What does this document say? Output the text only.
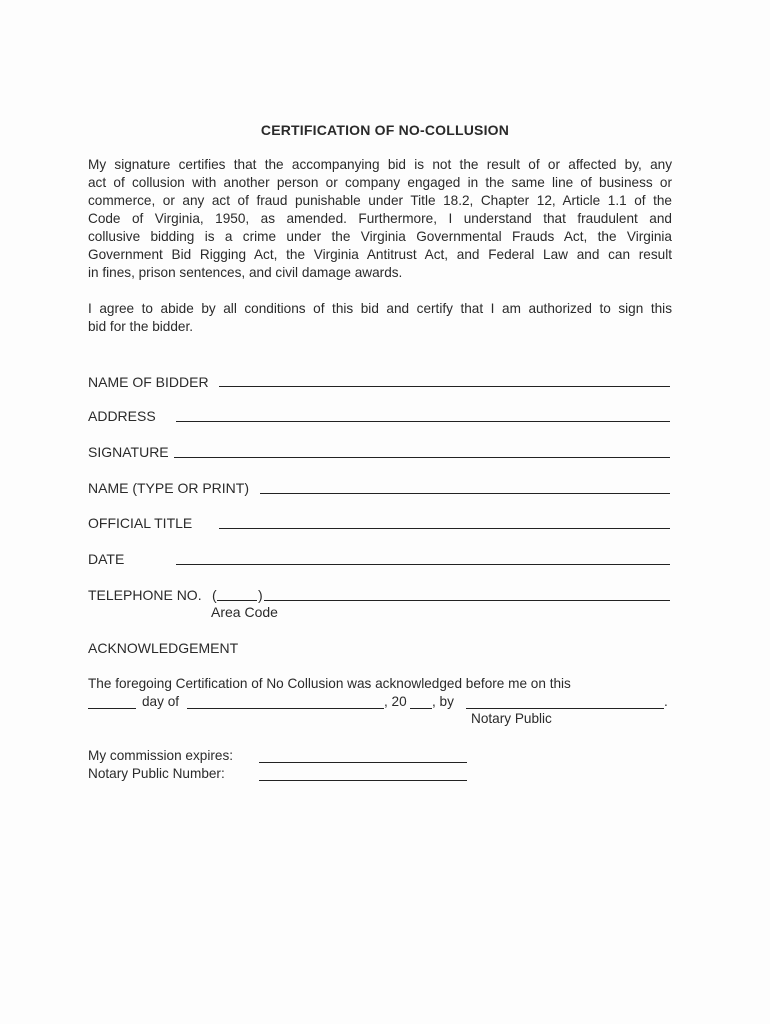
CERTIFICATION OF NO-COLLUSION

My signature certifies that the accompanying bid is not the result of or affected by, any
act of collusion with another person or company engaged in the same line of business or
commerce, or any act of fraud punishable under Title 18.2, Chapter 12, Article 1.1 of the
Code of Virginia, 1950, as amended. Furthermore, I understand that fraudulent and
collusive bidding is a crime under the Virginia Governmental Frauds Act, the Virginia
Government Bid Rigging Act, the Virginia Antitrust Act, and Federal Law and can result
in fines, prison sentences, and civil damage awards.

I agree to abide by all conditions of this bid and certify that I am authorized to sign this
bid for the bidder.

NAME OF BIDDER
ADDRESS
SIGNATURE
NAME (TYPE OR PRINT)
OFFICIAL TITLE
DATE
TELEPHONE NO. (	)
Area Code
ACKNOWLEDGEMENT
The foregoing Certification of No Collusion was acknowledged before me on this
day of	, 20 , by	.
Notary Public
My commission expires:
Notary Public Number:
